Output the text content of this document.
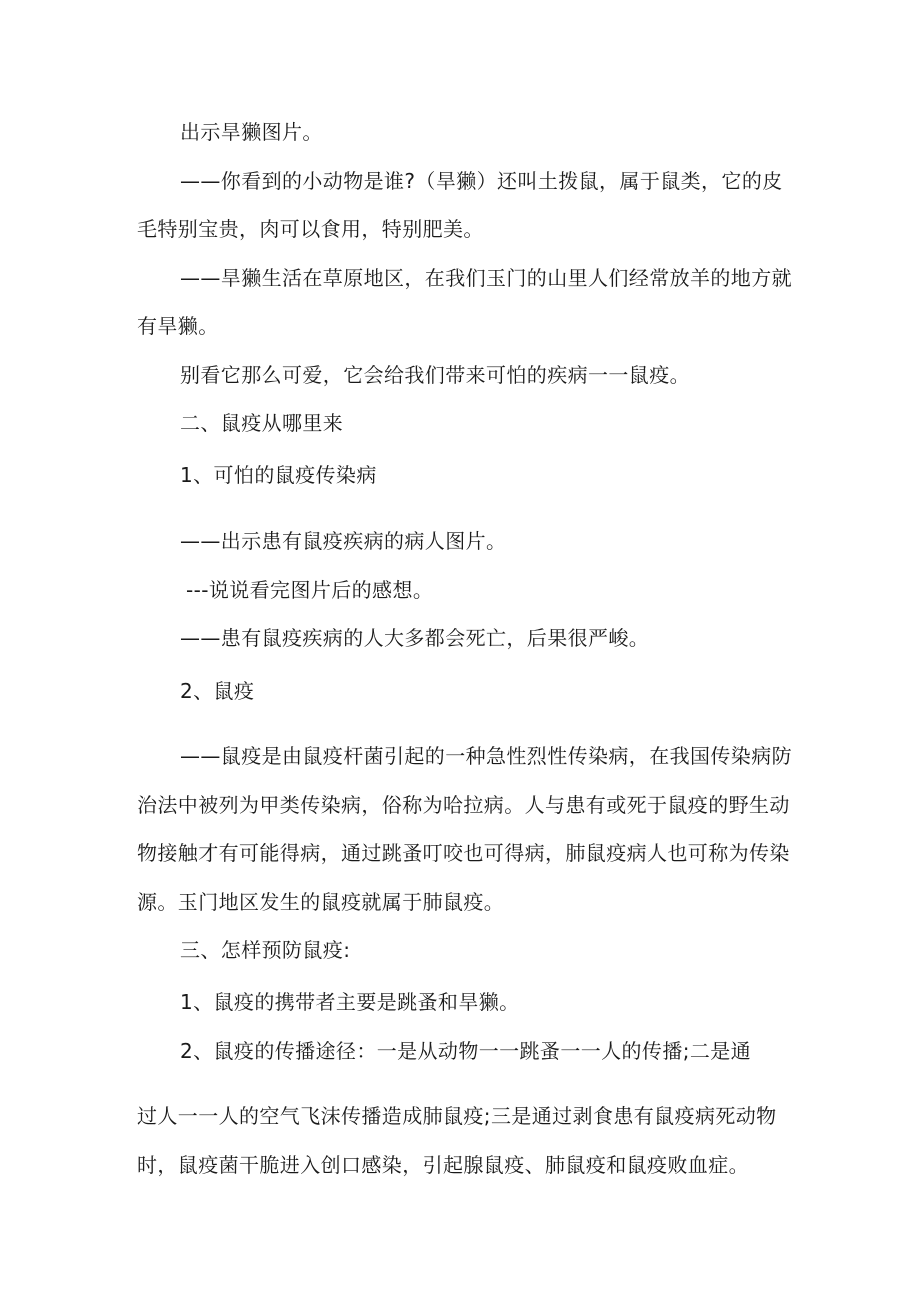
出示旱獭图片。
——你看到的小动物是谁?（旱獭）还叫土拨鼠，属于鼠类，它的皮
毛特别宝贵，肉可以食用，特别肥美。
——旱獭生活在草原地区，在我们玉门的山里人们经常放羊的地方就
有旱獭。
别看它那么可爱，它会给我们带来可怕的疾病一一鼠疫。
二、鼠疫从哪里来
1、可怕的鼠疫传染病
——出示患有鼠疫疾病的病人图片。
---说说看完图片后的感想。
——患有鼠疫疾病的人大多都会死亡，后果很严峻。
2、鼠疫
——鼠疫是由鼠疫杆菌引起的一种急性烈性传染病，在我国传染病防
治法中被列为甲类传染病，俗称为哈拉病。人与患有或死于鼠疫的野生动
物接触才有可能得病，通过跳蚤叮咬也可得病，肺鼠疫病人也可称为传染
源。玉门地区发生的鼠疫就属于肺鼠疫。
三、怎样预防鼠疫:
1、鼠疫的携带者主要是跳蚤和旱獭。
2、鼠疫的传播途径：一是从动物一一跳蚤一一人的传播;二是通
过人一一人的空气飞沫传播造成肺鼠疫;三是通过剥食患有鼠疫病死动物
时，鼠疫菌干脆进入创口感染，引起腺鼠疫、肺鼠疫和鼠疫败血症。
